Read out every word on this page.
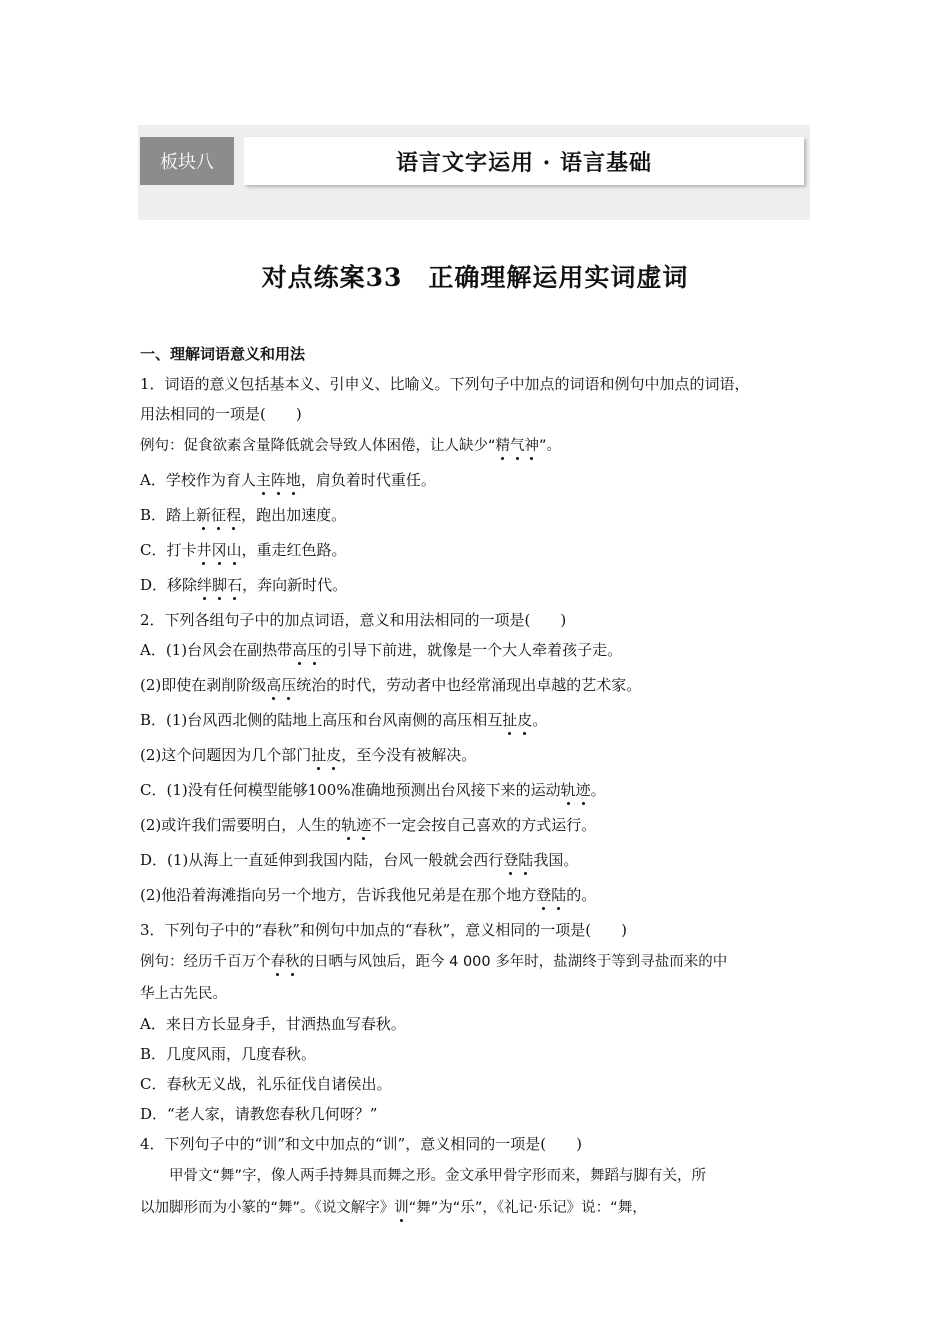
板块八	语言文字运用 · 语言基础
对点练案33　正确理解运用实词虚词
一、理解词语意义和用法
1．词语的意义包括基本义、引申义、比喻义。下列句子中加点的词语和例句中加点的词语，
用法相同的一项是(　　)
例句：促食欲素含量降低就会导致人体困倦，让人缺少“精气神”。
A．学校作为育人主阵地，肩负着时代重任。
B．踏上新征程，跑出加速度。
C．打卡井冈山，重走红色路。
D．移除绊脚石，奔向新时代。
2．下列各组句子中的加点词语，意义和用法相同的一项是(　　)
A．(1)台风会在副热带高压的引导下前进，就像是一个大人牵着孩子走。
(2)即使在剥削阶级高压统治的时代，劳动者中也经常涌现出卓越的艺术家。
B．(1)台风西北侧的陆地上高压和台风南侧的高压相互扯皮。
(2)这个问题因为几个部门扯皮，至今没有被解决。
C．(1)没有任何模型能够100%准确地预测出台风接下来的运动轨迹。
(2)或许我们需要明白，人生的轨迹不一定会按自己喜欢的方式运行。
D．(1)从海上一直延伸到我国内陆，台风一般就会西行登陆我国。
(2)他沿着海滩指向另一个地方，告诉我他兄弟是在那个地方登陆的。
3．下列句子中的“春秋”和例句中加点的“春秋”，意义相同的一项是(　　)
例句：经历千百万个春秋的日晒与风蚀后，距今 4 000 多年时，盐湖终于等到寻盐而来的中
华上古先民。
A．来日方长显身手，甘洒热血写春秋。
B．几度风雨，几度春秋。
C．春秋无义战，礼乐征伐自诸侯出。
D．“老人家，请教您春秋几何呀？”
4．下列句子中的“训”和文中加点的“训”，意义相同的一项是(　　)
　　甲骨文“舞”字，像人两手持舞具而舞之形。金文承甲骨字形而来，舞蹈与脚有关，所
以加脚形而为小篆的“舞”。《说文解字》训“舞”为“乐”，《礼记·乐记》说：“舞，
